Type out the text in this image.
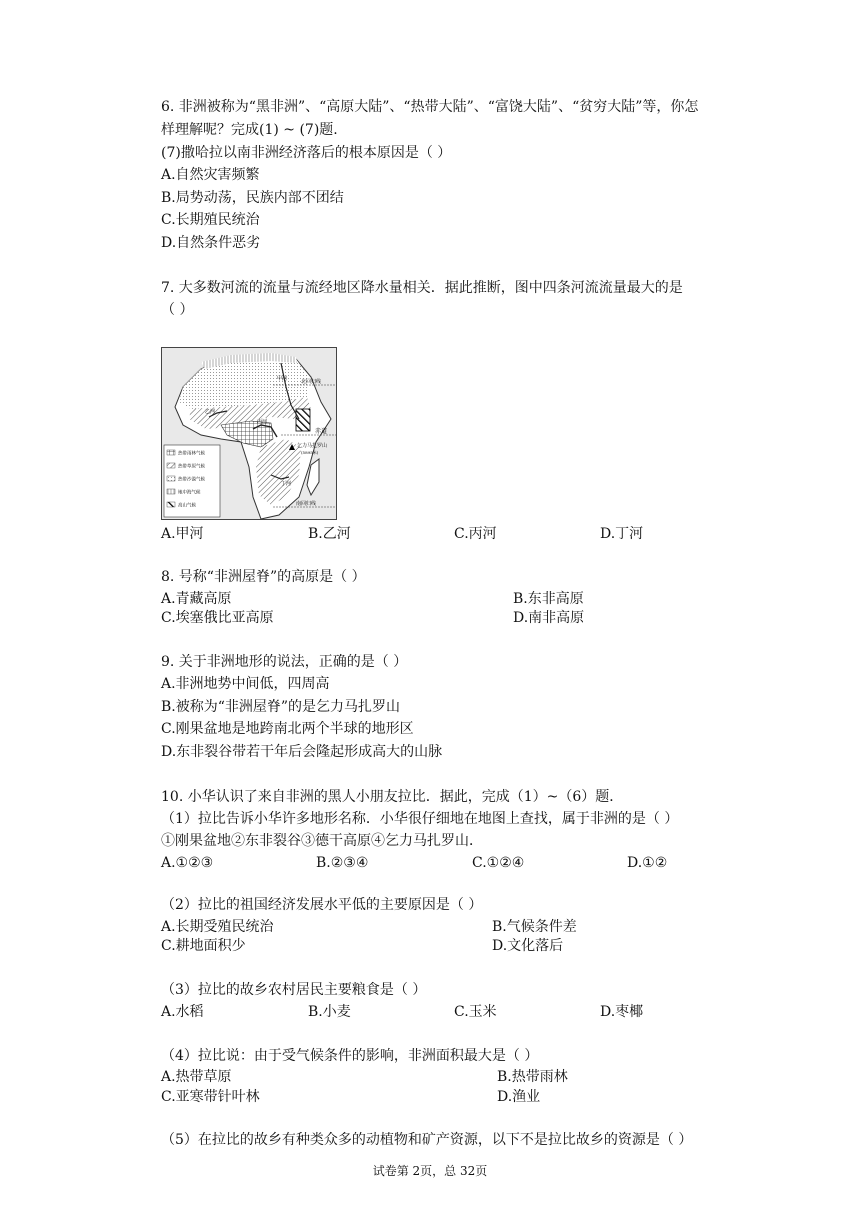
6. 非洲被称为“黑非洲”、“高原大陆”、“热带大陆”、“富饶大陆”、“贫穷大陆”等，你怎
样理解呢？完成(1) ~ (7)题.
(7)撒哈拉以南非洲经济落后的根本原因是（ ）
A.自然灾害频繁
B.局势动荡，民族内部不团结
C.长期殖民统治
D.自然条件恶劣
7. 大多数河流的流量与流经地区降水量相关．据此推断，图中四条河流流量最大的是
（ ）
北回归线
赤道
南回归线
乞力马扎罗山
(5895米)
甲河
乙河
丙河
丁河
热带雨林气候
热带草原气候
热带沙漠气候
地中海气候
高山气候
A.甲河	B.乙河	C.丙河	D.丁河
8. 号称“非洲屋脊”的高原是（ ）
A.青藏高原	B.东非高原
C.埃塞俄比亚高原	D.南非高原
9. 关于非洲地形的说法，正确的是（ ）
A.非洲地势中间低，四周高
B.被称为“非洲屋脊”的是乞力马扎罗山
C.刚果盆地是地跨南北两个半球的地形区
D.东非裂谷带若干年后会隆起形成高大的山脉
10. 小华认识了来自非洲的黑人小朋友拉比．据此，完成（1）~（6）题．
（1）拉比告诉小华许多地形名称．小华很仔细地在地图上查找，属于非洲的是（ ）
①刚果盆地②东非裂谷③德干高原④乞力马扎罗山．
A.①②③	B.②③④	C.①②④	D.①②
（2）拉比的祖国经济发展水平低的主要原因是（ ）
A.长期受殖民统治	B.气候条件差
C.耕地面积少	D.文化落后
（3）拉比的故乡农村居民主要粮食是（ ）
A.水稻	B.小麦	C.玉米	D.枣椰
（4）拉比说：由于受气候条件的影响，非洲面积最大是（ ）
A.热带草原	B.热带雨林
C.亚寒带针叶林	D.渔业
（5）在拉比的故乡有种类众多的动植物和矿产资源，以下不是拉比故乡的资源是（ ）
试卷第 2页，总 32页
